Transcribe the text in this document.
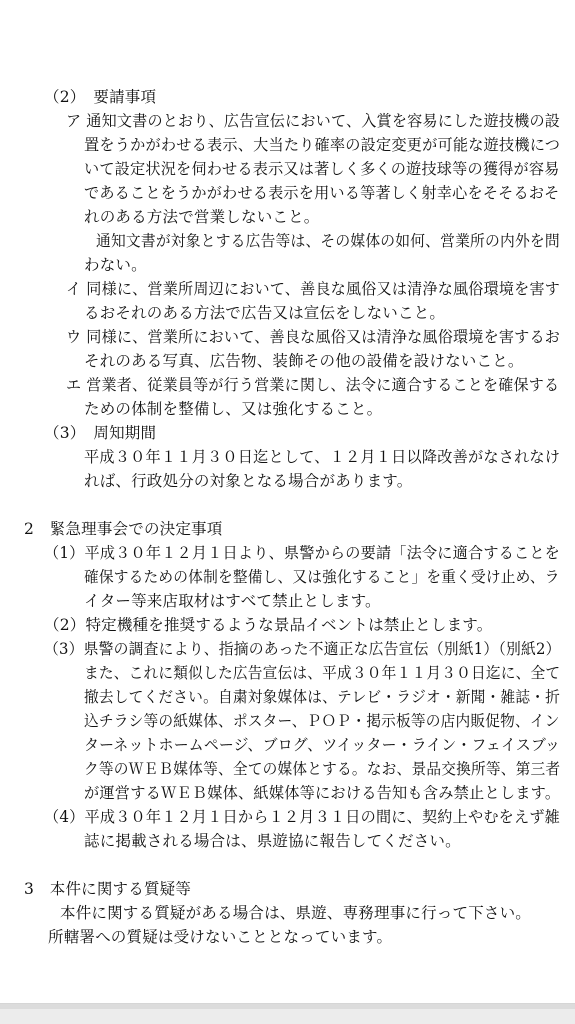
（2）　要請事項
ア 通知文書のとおり、広告宣伝において、入賞を容易にした遊技機の設
置をうかがわせる表示、大当たり確率の設定変更が可能な遊技機につ
いて設定状況を伺わせる表示又は著しく多くの遊技球等の獲得が容易
であることをうかがわせる表示を用いる等著しく射幸心をそそるおそ
れのある方法で営業しないこと。
通知文書が対象とする広告等は、その媒体の如何、営業所の内外を問
わない。
イ 同様に、営業所周辺において、善良な風俗又は清浄な風俗環境を害す
るおそれのある方法で広告又は宣伝をしないこと。
ウ 同様に、営業所において、善良な風俗又は清浄な風俗環境を害するお
それのある写真、広告物、装飾その他の設備を設けないこと。
エ 営業者、従業員等が行う営業に関し、法令に適合することを確保する
ための体制を整備し、又は強化すること。
（3）　周知期間
平成３０年１１月３０日迄として、１２月１日以降改善がなされなけ
れば、行政処分の対象となる場合があります。
2　緊急理事会での決定事項
（1）平成３０年１２月１日より、県警からの要請「法令に適合することを
確保するための体制を整備し、又は強化すること」を重く受け止め、ラ
イター等来店取材はすべて禁止とします。
（2）特定機種を推奨するような景品イベントは禁止とします。
（3）県警の調査により、指摘のあった不適正な広告宣伝（別紙1）（別紙2）
また、これに類似した広告宣伝は、平成３０年１１月３０日迄に、全て
撤去してください。自粛対象媒体は、テレビ・ラジオ・新聞・雑誌・折
込チラシ等の紙媒体、ポスター、ＰＯＰ・掲示板等の店内販促物、イン
ターネットホームページ、ブログ、ツイッター・ライン・フェイスブッ
ク等のＷＥＢ媒体等、全ての媒体とする。なお、景品交換所等、第三者
が運営するＷＥＢ媒体、紙媒体等における告知も含み禁止とします。
（4）平成３０年１２月１日から１２月３１日の間に、契約上やむをえず雑
誌に掲載される場合は、県遊協に報告してください。
3　本件に関する質疑等
本件に関する質疑がある場合は、県遊、専務理事に行って下さい。
所轄署への質疑は受けないこととなっています。
